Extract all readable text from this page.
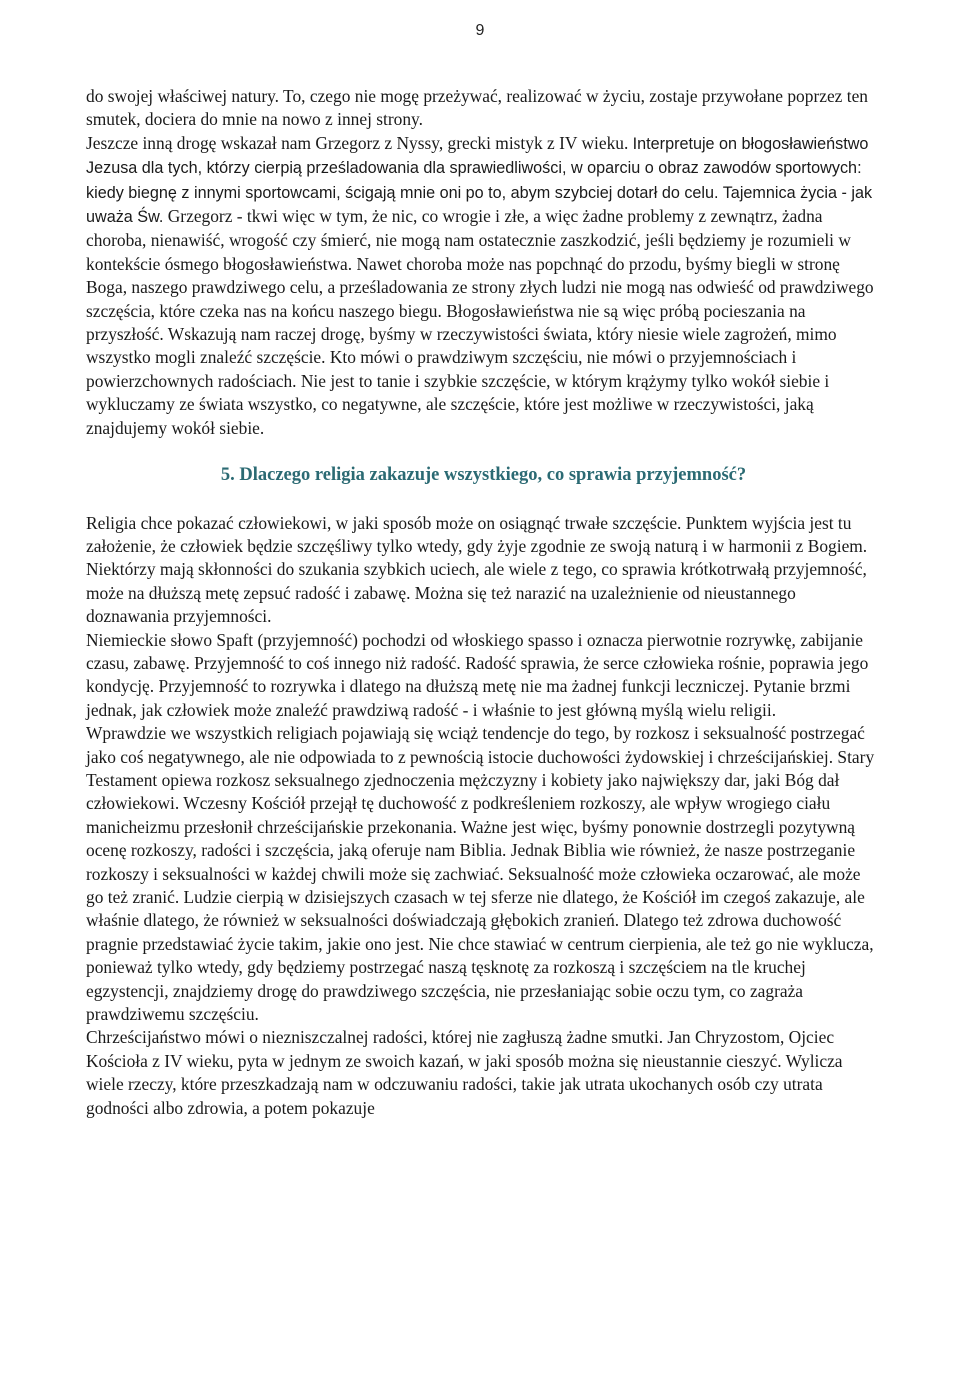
9

do swojej właściwej natury. To, czego nie mogę przeżywać, realizować w życiu, zostaje przywołane poprzez ten smutek, dociera do mnie na nowo z innej strony.

Jeszcze inną drogę wskazał nam Grzegorz z Nyssy, grecki mistyk z IV wieku. Interpretuje on błogosławieństwo Jezusa dla tych, którzy cierpią prześladowania dla sprawiedliwości, w oparciu o obraz zawodów sportowych: kiedy biegnę z innymi sportowcami, ścigają mnie oni po to, abym szybciej dotarł do celu. Tajemnica życia - jak uważa Św. Grzegorz - tkwi więc w tym, że nic, co wrogie i złe, a więc żadne problemy z zewnątrz, żadna choroba, nienawiść, wrogość czy śmierć, nie mogą nam ostatecznie zaszkodzić, jeśli będziemy je rozumieli w kontekście ósmego błogosławieństwa. Nawet choroba może nas popchnąć do przodu, byśmy biegli w stronę Boga, naszego prawdziwego celu, a prześladowania ze strony złych ludzi nie mogą nas odwieść od prawdziwego szczęścia, które czeka nas na końcu naszego biegu. Błogosławieństwa nie są więc próbą pocieszania na przyszłość. Wskazują nam raczej drogę, byśmy w rzeczywistości świata, który niesie wiele zagrożeń, mimo wszystko mogli znaleźć szczęście. Kto mówi o prawdziwym szczęściu, nie mówi o przyjemnościach i powierzchownych radościach. Nie jest to tanie i szybkie szczęście, w którym krążymy tylko wokół siebie i wykluczamy ze świata wszystko, co negatywne, ale szczęście, które jest możliwe w rzeczywistości, jaką znajdujemy wokół siebie.

5. Dlaczego religia zakazuje wszystkiego, co sprawia przyjemność?

Religia chce pokazać człowiekowi, w jaki sposób może on osiągnąć trwałe szczęście. Punktem wyjścia jest tu założenie, że człowiek będzie szczęśliwy tylko wtedy, gdy żyje zgodnie ze swoją naturą i w harmonii z Bogiem. Niektórzy mają skłonności do szukania szybkich uciech, ale wiele z tego, co sprawia krótkotrwałą przyjemność, może na dłuższą metę zepsuć radość i zabawę. Można się też narazić na uzależnienie od nieustannego doznawania przyjemności.

Niemieckie słowo Spaft (przyjemność) pochodzi od włoskiego spasso i oznacza pierwotnie rozrywkę, zabijanie czasu, zabawę. Przyjemność to coś innego niż radość. Radość sprawia, że serce człowieka rośnie, poprawia jego kondycję. Przyjemność to rozrywka i dlatego na dłuższą metę nie ma żadnej funkcji leczniczej. Pytanie brzmi jednak, jak człowiek może znaleźć prawdziwą radość - i właśnie to jest główną myślą wielu religii.

Wprawdzie we wszystkich religiach pojawiają się wciąż tendencje do tego, by rozkosz i seksualność postrzegać jako coś negatywnego, ale nie odpowiada to z pewnością istocie duchowości żydowskiej i chrześcijańskiej. Stary Testament opiewa rozkosz seksualnego zjednoczenia mężczyzny i kobiety jako największy dar, jaki Bóg dał człowiekowi. Wczesny Kościół przejął tę duchowość z podkreśleniem rozkoszy, ale wpływ wrogiego ciału manicheizmu przesłonił chrześcijańskie przekonania. Ważne jest więc, byśmy ponownie dostrzegli pozytywną ocenę rozkoszy, radości i szczęścia, jaką oferuje nam Biblia. Jednak Biblia wie również, że nasze postrzeganie rozkoszy i seksualności w każdej chwili może się zachwiać. Seksualność może człowieka oczarować, ale może go też zranić. Ludzie cierpią w dzisiejszych czasach w tej sferze nie dlatego, że Kościół im czegoś zakazuje, ale właśnie dlatego, że również w seksualności doświadczają głębokich zranień. Dlatego też zdrowa duchowość pragnie przedstawiać życie takim, jakie ono jest. Nie chce stawiać w centrum cierpienia, ale też go nie wyklucza, ponieważ tylko wtedy, gdy będziemy postrzegać naszą tęsknotę za rozkoszą i szczęściem na tle kruchej egzystencji, znajdziemy drogę do prawdziwego szczęścia, nie przesłaniając sobie oczu tym, co zagraża prawdziwemu szczęściu.

Chrześcijaństwo mówi o niezniszczalnej radości, której nie zagłuszą żadne smutki. Jan Chryzostom, Ojciec Kościoła z IV wieku, pyta w jednym ze swoich kazań, w jaki sposób można się nieustannie cieszyć. Wylicza wiele rzeczy, które przeszkadzają nam w odczuwaniu radości, takie jak utrata ukochanych osób czy utrata godności albo zdrowia, a potem pokazuje
